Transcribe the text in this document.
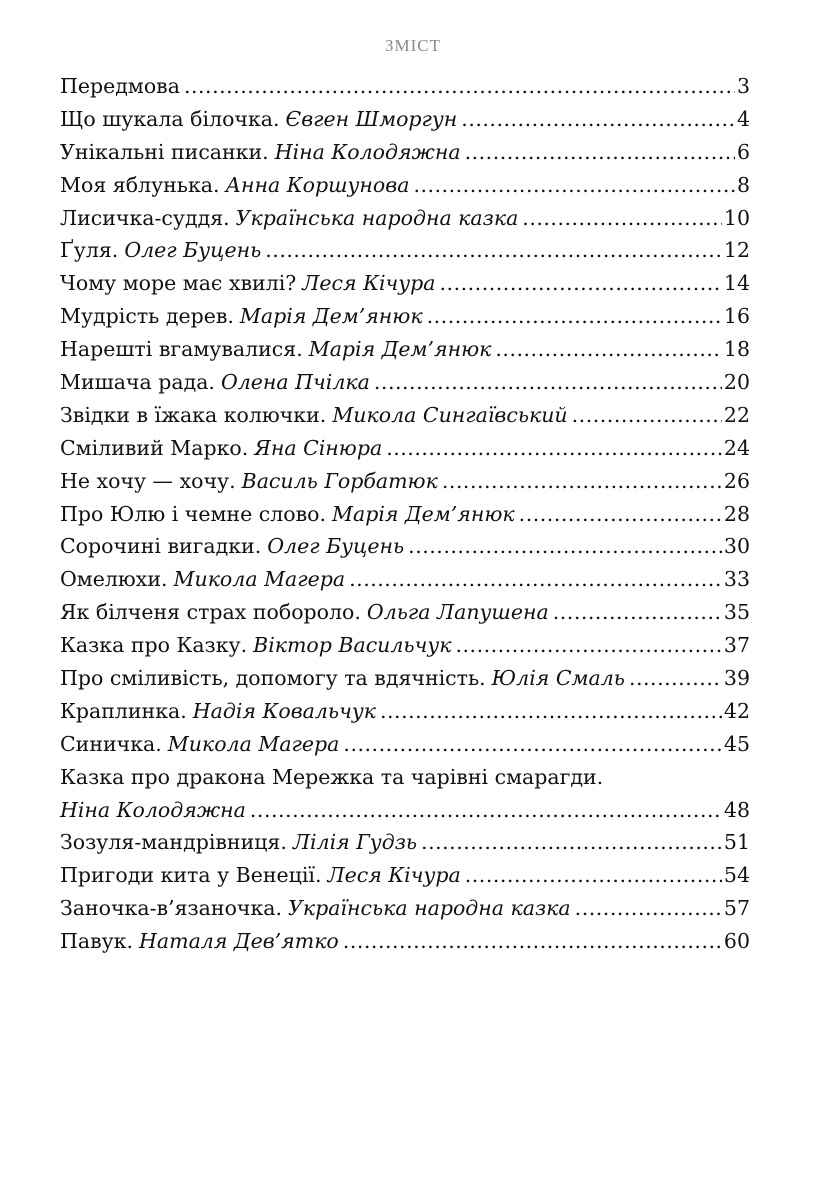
ЗМІСТ
Передмова . . .	3
Що шукала білочка. Євген Шморгун . . .	4
Унікальні писанки. Ніна Колодяжна . . .	6
Моя яблунька. Анна Коршунова . . .	8
Лисичка-суддя. Українська народна казка . . .	10
Ґуля. Олег Буцень . . .	12
Чому море має хвилі? Леся Кічура . . .	14
Мудрість дерев. Марія Дем’янюк . . .	16
Нарешті вгамувалися. Марія Дем’янюк . . .	18
Мишача рада. Олена Пчілка . . .	20
Звідки в їжака колючки. Микола Сингаївський . . .	22
Сміливий Марко. Яна Сінюра . . .	24
Не хочу — хочу. Василь Горбатюк . . .	26
Про Юлю і чемне слово. Марія Дем’янюк . . .	28
Сорочині вигадки. Олег Буцень . . .	30
Омелюхи. Микола Магера . . .	33
Як білченя страх побороло. Ольга Лапушена . . .	35
Казка про Казку. Віктор Васильчук . . .	37
Про сміливість, допомогу та вдячність. Юлія Смаль . . .	39
Краплинка. Надія Ковальчук . . .	42
Синичка. Микола Магера . . .	45
Казка про дракона Мережка та чарівні смарагди.
Ніна Колодяжна . . .	48
Зозуля-мандрівниця. Лілія Гудзь . . .	51
Пригоди кита у Венеції. Леся Кічура . . .	54
Заночка-в’язаночка. Українська народна казка . . .	57
Павук. Наталя Дев’ятко . . .	60
